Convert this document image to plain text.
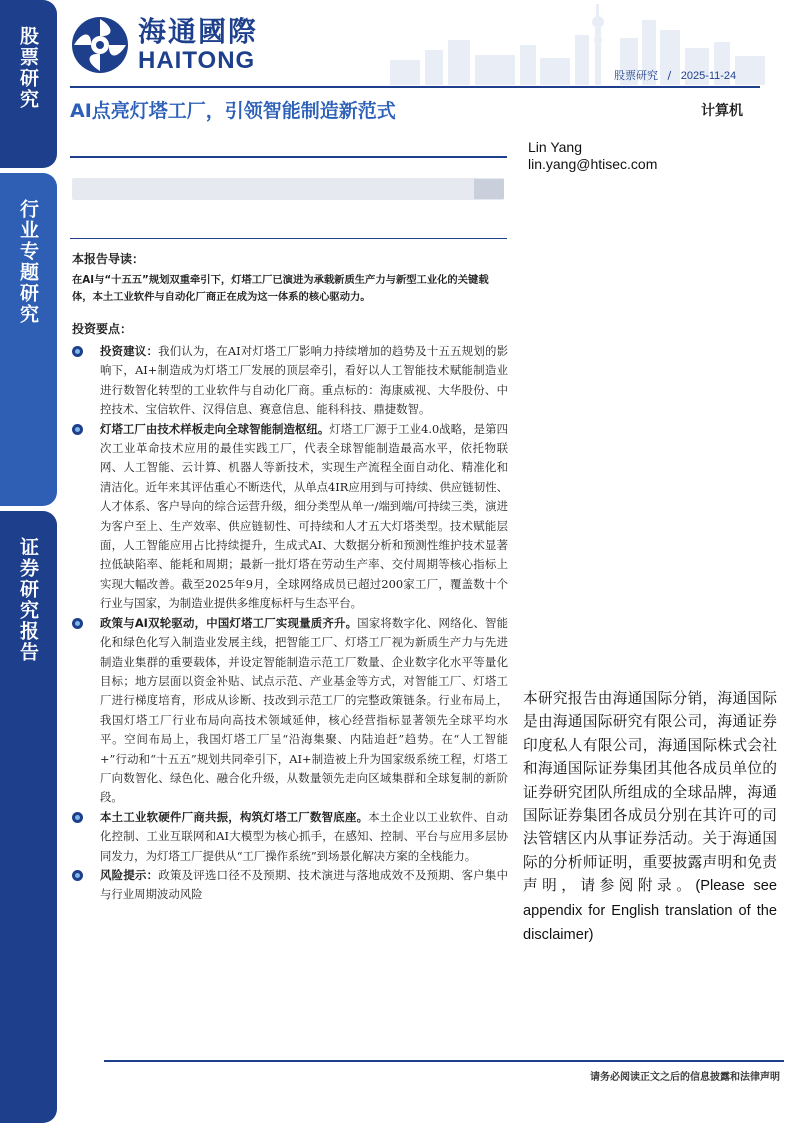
股票研究
行业专题研究
证券研究报告
海通國際
HAITONG
股票研究 / 2025-11-24
AI点亮灯塔工厂，引领智能制造新范式	计算机
Lin Yang
lin.yang@htisec.com
本报告导读：
在AI与“十五五”规划双重牵引下，灯塔工厂已演进为承载新质生产力与新型工业化的关键载体，本土工业软件与自动化厂商正在成为这一体系的核心驱动力。
投资要点：
投资建议：我们认为，在AI对灯塔工厂影响力持续增加的趋势及十五五规划的影响下，AI+制造成为灯塔工厂发展的顶层牵引，看好以人工智能技术赋能制造业进行数智化转型的工业软件与自动化厂商。重点标的：海康威视、大华股份、中控技术、宝信软件、汉得信息、赛意信息、能科科技、鼎捷数智。
灯塔工厂由技术样板走向全球智能制造枢纽。灯塔工厂源于工业4.0战略，是第四次工业革命技术应用的最佳实践工厂，代表全球智能制造最高水平，依托物联网、人工智能、云计算、机器人等新技术，实现生产流程全面自动化、精准化和清洁化。近年来其评估重心不断迭代，从单点4IR应用到与可持续、供应链韧性、人才体系、客户导向的综合运营升级，细分类型从单一/端到端/可持续三类，演进为客户至上、生产效率、供应链韧性、可持续和人才五大灯塔类型。技术赋能层面，人工智能应用占比持续提升，生成式AI、大数据分析和预测性维护技术显著拉低缺陷率、能耗和周期；最新一批灯塔在劳动生产率、交付周期等核心指标上实现大幅改善。截至2025年9月，全球网络成员已超过200家工厂，覆盖数十个行业与国家，为制造业提供多维度标杆与生态平台。
政策与AI双轮驱动，中国灯塔工厂实现量质齐升。国家将数字化、网络化、智能化和绿色化写入制造业发展主线，把智能工厂、灯塔工厂视为新质生产力与先进制造业集群的重要载体，并设定智能制造示范工厂数量、企业数字化水平等量化目标；地方层面以资金补贴、试点示范、产业基金等方式，对智能工厂、灯塔工厂进行梯度培育，形成从诊断、技改到示范工厂的完整政策链条。行业布局上，我国灯塔工厂行业布局向高技术领域延伸，核心经营指标显著领先全球平均水平。空间布局上，我国灯塔工厂呈“沿海集聚、内陆追赶”趋势。在“人工智能+”行动和“十五五”规划共同牵引下，AI+制造被上升为国家级系统工程，灯塔工厂向数智化、绿色化、融合化升级，从数量领先走向区域集群和全球复制的新阶段。
本土工业软硬件厂商共振，构筑灯塔工厂数智底座。本土企业以工业软件、自动化控制、工业互联网和AI大模型为核心抓手，在感知、控制、平台与应用多层协同发力，为灯塔工厂提供从“工厂操作系统”到场景化解决方案的全栈能力。
风险提示：政策及评选口径不及预期、技术演进与落地成效不及预期、客户集中与行业周期波动风险
本研究报告由海通国际分销，海通国际是由海通国际研究有限公司，海通证券印度私人有限公司，海通国际株式会社和海通国际证券集团其他各成员单位的证券研究团队所组成的全球品牌，海通国际证券集团各成员分别在其许可的司法管辖区内从事证券活动。关于海通国际的分析师证明，重要披露声明和免责声明，请参阅附录。(Please see appendix for English translation of the disclaimer)
请务必阅读正文之后的信息披露和法律声明
